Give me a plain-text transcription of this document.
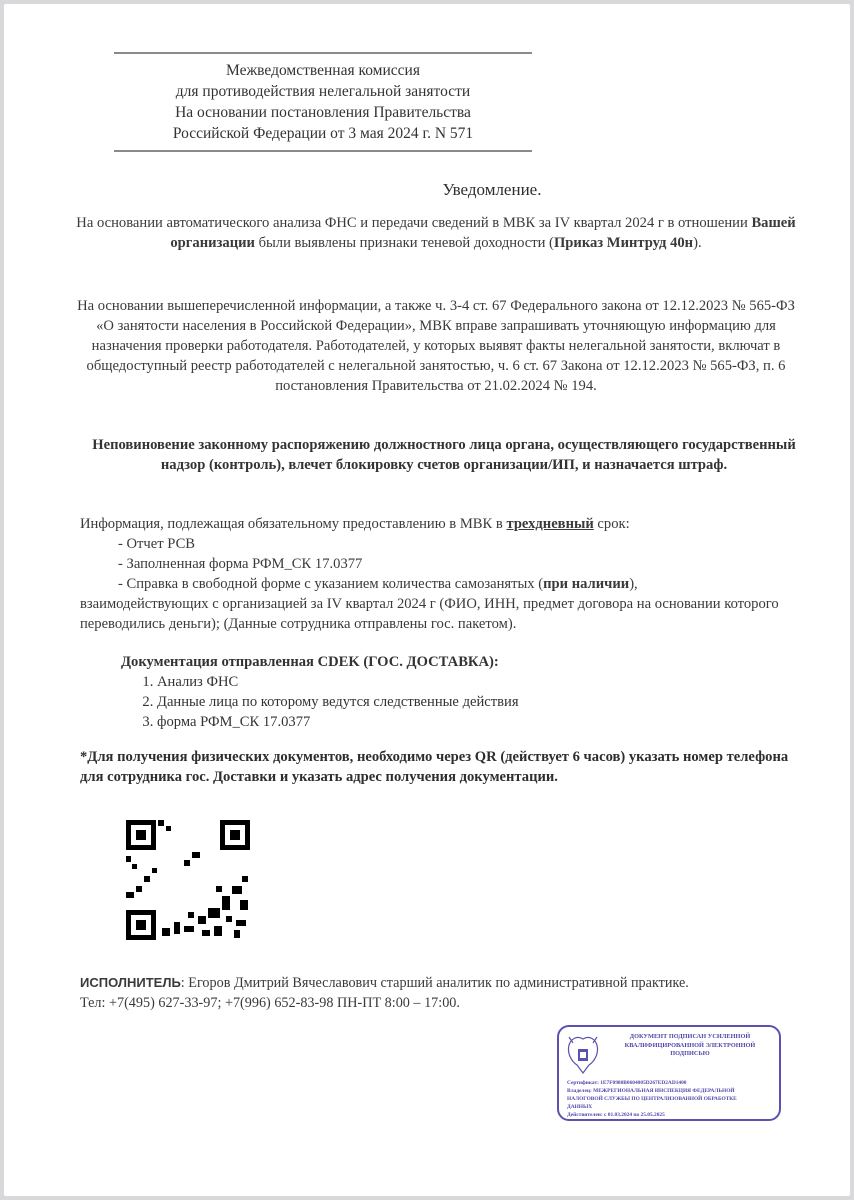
Межведомственная комиссия
для противодействия нелегальной занятости
На основании постановления Правительства
Российской Федерации от 3 мая 2024 г. N 571
Уведомление.
На основании автоматического анализа ФНС и передачи сведений в МВК за IV квартал 2024 г в отношении Вашей организации были выявлены признаки теневой доходности (Приказ Минтруд 40н).
На основании вышеперечисленной информации, а также ч. 3-4 ст. 67 Федерального закона от 12.12.2023 № 565-ФЗ «О занятости населения в Российской Федерации», МВК вправе запрашивать уточняющую информацию для назначения проверки работодателя. Работодателей, у которых выявят факты нелегальной занятости, включат в общедоступный реестр работодателей с нелегальной занятостью, ч. 6 ст. 67 Закона от 12.12.2023 № 565-ФЗ, п. 6 постановления Правительства от 21.02.2024 № 194.
Неповиновение законному распоряжению должностного лица органа, осуществляющего государственный надзор (контроль), влечет блокировку счетов организации/ИП, и назначается штраф.
Информация, подлежащая обязательному предоставлению в МВК в трехдневный срок:
- Отчет РСВ
- Заполненная форма РФМ_СК 17.0377
- Справка в свободной форме с указанием количества самозанятых (при наличии),
взаимодействующих с организацией за IV квартал 2024 г (ФИО, ИНН, предмет договора на основании которого переводились деньги); (Данные сотрудника отправлены гос. пакетом).
Документация отправленная CDEK (ГОС. ДОСТАВКА):
1. Анализ ФНС
2. Данные лица по которому ведутся следственные действия
3. форма РФМ_СК 17.0377
*Для получения физических документов, необходимо через QR (действует 6 часов) указать номер телефона для сотрудника гос. Доставки и указать адрес получения документации.
ИСПОЛНИТЕЛЬ: Егоров Дмитрий Вячеславович старший аналитик по административной практике.
Тел: +7(495) 627-33-97; +7(996) 652-83-98 ПН-ПТ 8:00 – 17:00.
ДОКУМЕНТ ПОДПИСАН УСИЛЕННОЙ КВАЛИФИЦИРОВАННОЙ ЭЛЕКТРОННОЙ ПОДПИСЬЮ
Сертификат: 1E7F0980B0604005D267ED2AD1400
Владелец: МЕЖРЕГИОНАЛЬНАЯ ИНСПЕКЦИЯ ФЕДЕРАЛЬНОЙ
НАЛОГОВОЙ СЛУЖБЫ ПО ЦЕНТРАЛИЗОВАННОЙ ОБРАБОТКЕ
ДАННЫХ
Действителен: с 01.03.2024 по 25.05.2025
